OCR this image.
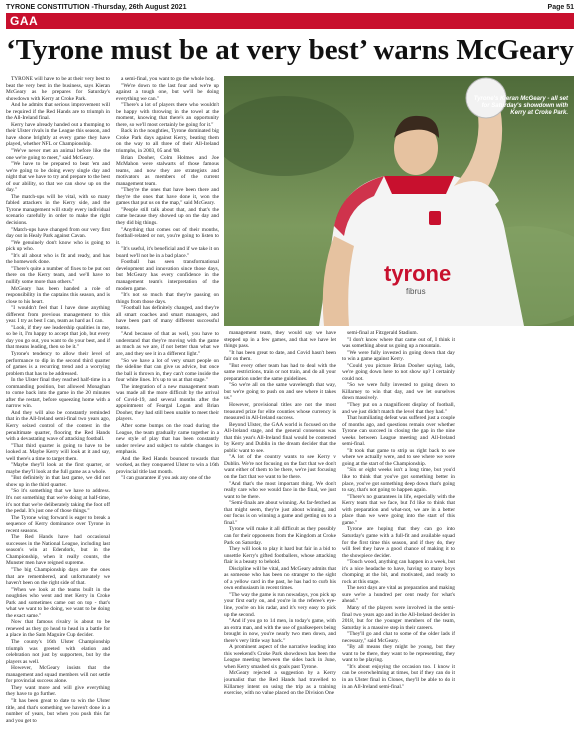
TYRONE CONSTITUTION -Thursday, 26th August 2021	Page 51
GAA
‘Tyrone must be at very best’ warns McGeary
tyrone
fibrus
Tyrone's Kieran McGeary - all set for Saturday's showdown with Kerry at Croke Park.

TYRONE will have to be at their very best to beat the very best in the business, says Kieran McGeary as he prepares for Saturday's showdown with Kerry at Croke Park.

And he admits that serious improvement will be required if the Red Hands are to triumph in the All-Ireland final.

Kerry have already handed out a thumping to their Ulster rivals in the League this season, and have shone brightly at every game they have played, whether NFL or Championship.

"We've never met an animal before like the one we're going to meet," said McGeary.

"We have to be prepared to beat 'em and we're going to be doing every single day and night that we have to try and prepare to the best of our ability, so that we can show up on the day."

The match-ups will be vital, with so many fabled attackers in the Kerry side, and the Tyrone management will study every individual scenario carefully in order to make the right decisions.

"Match-ups have changed from our very first day out in Healy Park against Cavan.

"We genuinely don't know who is going to pick up who.

"It's all about who is fit and ready, and has the homework done.

"There's quite a number of fixes to be put out there on the Kerry team, and we'll have to nullify some more than others."

McGeary has been handed a role of responsibility in the captains this season, and is close to his heart.

"I wouldn't feel that I have done anything different from previous management to this year. I try as best I can, team as hard as I can.

"Look, if they see leadership qualities in me, so be it, I'm happy to accept that job, but every day you go out, you want to do your best, and if that means leading, then so be it."

Tyrone's tendency to allow their level of performance to dip in the second third quarter of games is a recurring trend and a worrying problem that has to be addressed.

In the Ulster final they reached half-time in a commanding position, but allowed Monaghan to come back into the game in the 20 minutes after the restart, before squeezing home with a narrow win.

And they will also be constantly reminded that in the All-Ireland semi-final two years ago, Kerry seized control of the contest in the penultimate quarter, flooring the Red Hands with a devastating wave of attacking football.

"That third quarter is going to have to be looked at. Maybe Kerry will look at it and say, well there's a time to target them.

"Maybe they'll look at the first quarter, or maybe they'll look at the full game as a whole.

"But definitely in that last game, we did not show up in the third quarter.

"So it's something that we have to address. It's not something that we're doing at half-time, it's not that we're deliberately taking the foot off the pedal. It's just one of those things."

The Tyrone wing forward is eager to break a sequence of Kerry dominance over Tyrone in recent seasons.

The Red Hands have had occasional successes in the National League, including last season's win at Edendork, but in the Championship, when it really counts, the Munster men have reigned supreme.

"The big Championship days are the ones that are remembered, and unfortunately we haven't been on the right side of that.

"When we look at the teams built in the noughties who went and met Kerry in Croke Park and sometimes came out on top - that's what we want to be doing, we want to be doing the exact same."

Now that famous rivalry is about to be renewed as they go head to head in a battle for a place in the Sam Maguire Cup decider.

The county's 16th Ulster Championship triumph was greeted with elation and celebration not just by supporters, but by the players as well.

However, McGeary insists that the management and squad members will not settle for provincial success alone.

They want more and will give everything they have to go further.

"It has been great to date to win the Ulster title, and that's something we haven't done in a number of years, but when you push this far and you get to

a semi-final, you want to go the whole hog.

"We're down to the last four and we're up against a tough one, but we'll be doing everything we can."

"There's a lot of players there who wouldn't be happy with throwing in the towel at the moment, knowing that there's an opportunity there, so we'll most certainly be going for it."

Back in the noughties, Tyrone dominated big Croke Park days against Kerry, beating them on the way to all three of their All-Ireland triumphs, in 2003, 05 and '08.

Brian Dooher, Colm Holmes and Joe McMahon were stalwarts of those famous teams, and now they are strategists and motivators as members of the current management team.

"They're the ones that have been there and they're the ones that have done it, won the games that put us on the map," said McGeary.

"People still talk about that, and that's the came because they showed up on the day and they did big things.

"Anything that comes out of their months, football-related or not, you're going to listen to it.

"It's useful, it's beneficial and if we take it on board we'll not be in a bad place."

Football has seen transformational development and innovation since those days, but McGeary has every confidence in the management team's interpretation of the modern game.

"It's not so much that they're passing on things from those days.

"Football has definitely changed, and they're all smart coaches and smart managers, and have been part of many different successful teams.

"And because of that as well, you have to understand that they're moving with the game as much as we are, if not better than what we are, and they see it in a different light."

"So we have a lot of very smart people on the sideline that can give us advice, but once the ball is thrown in, they can't come inside the four white lines. It's up to us at that stage."

The integration of a new management team was made all the more difficult by the arrival of Covid-19, and several months after the appointment of Feargal Logan and Brian Dooher, they had still been unable to meet their players.

After some bumps on the road during the League, the team gradually came together in a new style of play that has been constantly under review and subject to subtle changes in emphasis.

And the Red Hands bounced towards that worked, as they conquered Ulster to win a 16th provincial title last month.

"I can guarantee if you ask any one of the

management team, they would say we have stepped up in a few games, and that we have let things pass.

"It has been great to date, and Covid hasn't been fair on them.

"But every other team has had to deal with the same restrictions, train or not train, and do all your preparation under the same guidelines.

"So we're all on the same wavelength that way, but we're going to push on and see where it takes us."

However, provisional titles are not the most treasured prize for elite counties whose currency is measured in All-Ireland success.

Beyond Ulster, the GAA world is focused on the All-Ireland stage, and the general consensus was that this year's All-Ireland final would be contested by Kerry and Dublin in the dream decider that the public want to see.

"A lot of the country wants to see Kerry v Dublin. We're not focusing on the fact that we don't want either of them to be there, we're just focusing on the fact that we want to be there.

"And that's the most important thing. We don't really care who we would face in the final, we just want to be there.

"Semi-finals are about winning. As far-fetched as that might seem, they're just about winning, and our focus is on winning a game and getting on to a final."

Tyrone will make it all difficult as they possibly can for their opponents from the Kingdom at Croke Park on Saturday.

They will look to play it hard but fair in a bid to unsettle Kerry's gifted footballers, whose attacking flair is a beauty to behold.

Discipline will be vital, and McGeary admits that as someone who has been no stranger to the sight of a yellow card in the past, he has had to curb his own enthusiasm in recent times.

"The way the game is run nowadays, you pick up your first early on, and you're in the referee's eye-line, you're on his radar, and it's very easy to pick up the second.

"And if you go to 14 men, in today's game, with an extra man, and with the use of goalkeepers being brought in now, you're nearly two men down, and there's very little way back."

A prominent aspect of the narrative leading into this weekend's Croke Park showdown has been the League meeting between the sides back in June, when Kerry smashed six goals past Tyrone.

McGeary rejected a suggestion by a Kerry journalist that the Red Hands had travelled to Killarney intent on using the trip as a training exercise, with no value placed on the Division One

semi-final at Fitzgerald Stadium.

"I don't know where that came out of, I think it was something about us going up a mountain.

"We were fully invested in going down that day to win a game against Kerry.

"Could you picture Brian Dooher saying, lads, we're going down here to not show up? I certainly could not.

"So we were fully invested to going down to Killarney to win that day, and we let ourselves down massively.

"They put on a magnificent display of football, and we just didn't match the level that they had."

That humiliating defeat was suffered just a couple of months ago, and questions remain over whether Tyrone can succeed in closing the gap in the nine weeks between League meeting and All-Ireland semi-final.

"It took that game to strip us right back to see where we actually were, and to see where we were going at the start of the Championship.

"Six or eight weeks isn't a long time, but you'd like to think that you've got something better in place, you've got something deep down that's going to say, that's not going to happen again.

"There's no guarantees in life, especially with the Kerry team that we face, but I'd like to think that with preparation and what-not, we are in a better place than we were going into the start of this game."

Tyrone are hoping that they can go into Saturday's game with a full-fit and available squad for the first time this season, and if they do, they will feel they have a good chance of making it to the showpiece decider.

"Touch wood, anything can happen in a week, but it's a nice headache to have, having so many boys chomping at the bit, and motivated, and ready to rock at this stage.

The next days are vital as preparation and making sure we're a hundred per cent ready for what's ahead."

Many of the players were involved in the semi-final two years ago and in the All-Ireland decider in 2018, but for the younger members of the team, Saturday is a massive step in their careers.

"They'll go and chat to some of the older lads if necessary," said McGeary.

"By all means they might be young, but they want to be there, they want to be representing, they want to be playing.

"It's about enjoying the occasion too. I know it can be overwhelming at times, but if they can do it in an Ulster final in Clones, they'll be able to do it in an All-Ireland semi-final."
